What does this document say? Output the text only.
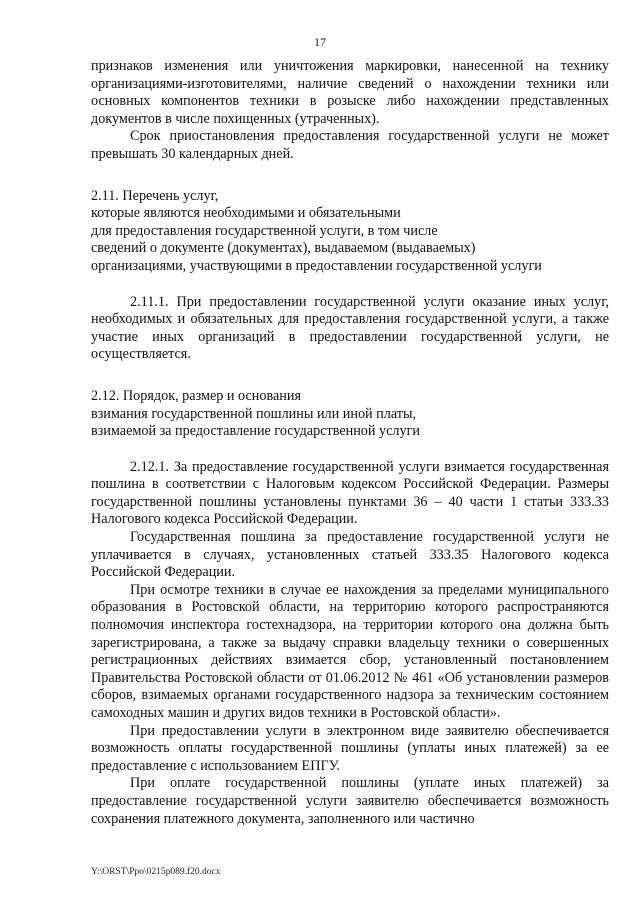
17

признаков изменения или уничтожения маркировки, нанесенной на технику организациями-изготовителями, наличие сведений о нахождении техники или основных компонентов техники в розыске либо нахождении представленных документов в числе похищенных (утраченных).

Срок приостановления предоставления государственной услуги не может превышать 30 календарных дней.

2.11. Перечень услуг,

которые являются необходимыми и обязательными

для предоставления государственной услуги, в том числе

сведений о документе (документах), выдаваемом (выдаваемых)

организациями, участвующими в предоставлении государственной услуги

2.11.1. При предоставлении государственной услуги оказание иных услуг, необходимых и обязательных для предоставления государственной услуги, а также участие иных организаций в предоставлении государственной услуги, не осуществляется.

2.12. Порядок, размер и основания

взимания государственной пошлины или иной платы,

взимаемой за предоставление государственной услуги

2.12.1. За предоставление государственной услуги взимается государственная пошлина в соответствии с Налоговым кодексом Российской Федерации. Размеры государственной пошлины установлены пунктами 36 – 40 части 1 статьи 333.33 Налогового кодекса Российской Федерации.

Государственная пошлина за предоставление государственной услуги не уплачивается в случаях, установленных статьей 333.35 Налогового кодекса Российской Федерации.

При осмотре техники в случае ее нахождения за пределами муниципального образования в Ростовской области, на территорию которого распространяются полномочия инспектора гостехнадзора, на территории которого она должна быть зарегистрирована, а также за выдачу справки владельцу техники о совершенных регистрационных действиях взимается сбор, установленный постановлением Правительства Ростовской области от 01.06.2012 № 461 «Об установлении размеров сборов, взимаемых органами государственного надзора за техническим состоянием самоходных машин и других видов техники в Ростовской области».

При предоставлении услуги в электронном виде заявителю обеспечивается возможность оплаты государственной пошлины (уплаты иных платежей) за ее предоставление с использованием ЕПГУ.

При оплате государственной пошлины (уплате иных платежей) за предоставление государственной услуги заявителю обеспечивается возможность сохранения платежного документа, заполненного или частично

Y:\ORST\Ppo\0215p089.f20.docx
